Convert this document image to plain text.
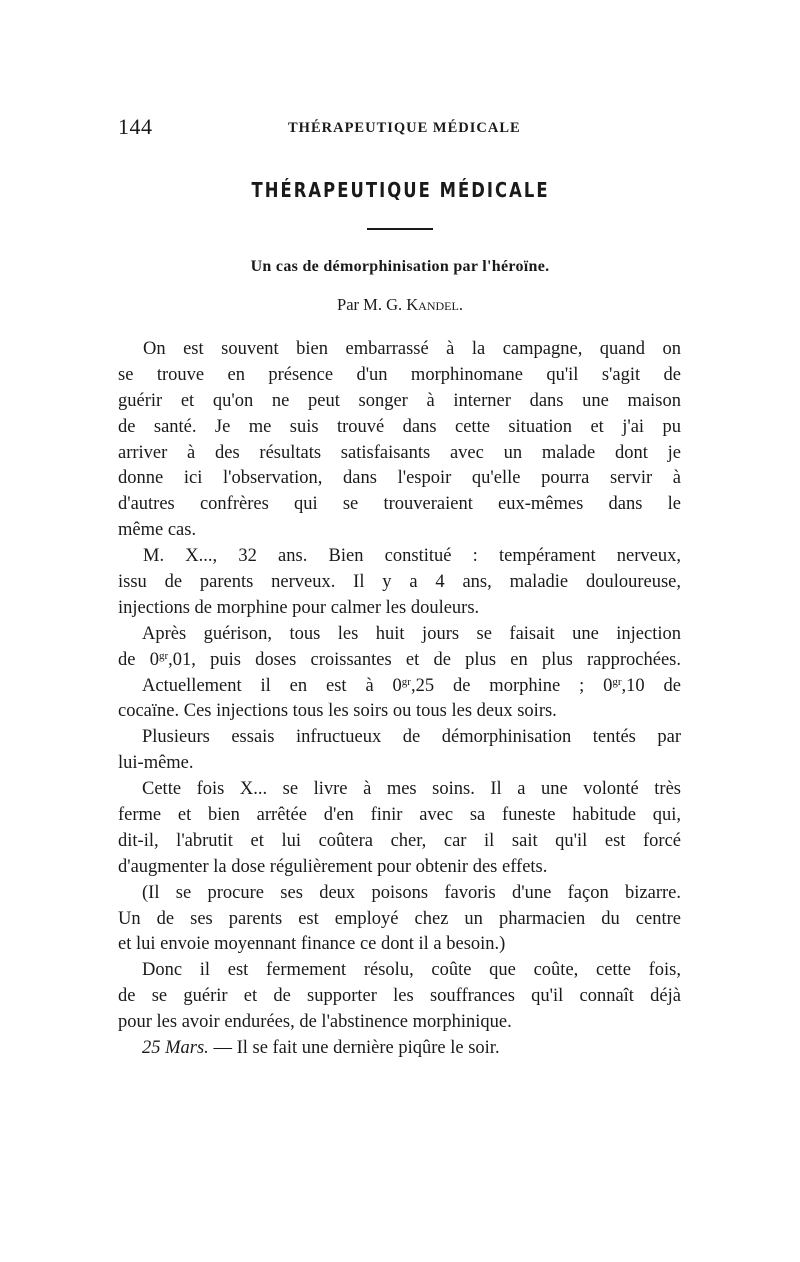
144	THÉRAPEUTIQUE MÉDICALE
THÉRAPEUTIQUE MÉDICALE
Un cas de démorphinisation par l'héroïne.
Par M. G. Kandel.
On est souvent bien embarrassé à la campagne, quand on
se trouve en présence d'un morphinomane qu'il s'agit de
guérir et qu'on ne peut songer à interner dans une maison
de santé. Je me suis trouvé dans cette situation et j'ai pu
arriver à des résultats satisfaisants avec un malade dont je
donne ici l'observation, dans l'espoir qu'elle pourra servir à
d'autres confrères qui se trouveraient eux-mêmes dans le
même cas.
M. X..., 32 ans. Bien constitué : tempérament nerveux,
issu de parents nerveux. Il y a 4 ans, maladie douloureuse,
injections de morphine pour calmer les douleurs.
Après guérison, tous les huit jours se faisait une injection
de $0^{gr},01$, puis doses croissantes et de plus en plus rapprochées.
Actuellement il en est à $0^{gr},25$ de morphine ; $0^{gr},10$ de
cocaïne. Ces injections tous les soirs ou tous les deux soirs.
Plusieurs essais infructueux de démorphinisation tentés par
lui-même.
Cette fois X... se livre à mes soins. Il a une volonté très
ferme et bien arrêtée d'en finir avec sa funeste habitude qui,
dit-il, l'abrutit et lui coûtera cher, car il sait qu'il est forcé
d'augmenter la dose régulièrement pour obtenir des effets.
(Il se procure ses deux poisons favoris d'une façon bizarre.
Un de ses parents est employé chez un pharmacien du centre
et lui envoie moyennant finance ce dont il a besoin.)
Donc il est fermement résolu, coûte que coûte, cette fois,
de se guérir et de supporter les souffrances qu'il connaît déjà
pour les avoir endurées, de l'abstinence morphinique.
25 Mars. — Il se fait une dernière piqûre le soir.
